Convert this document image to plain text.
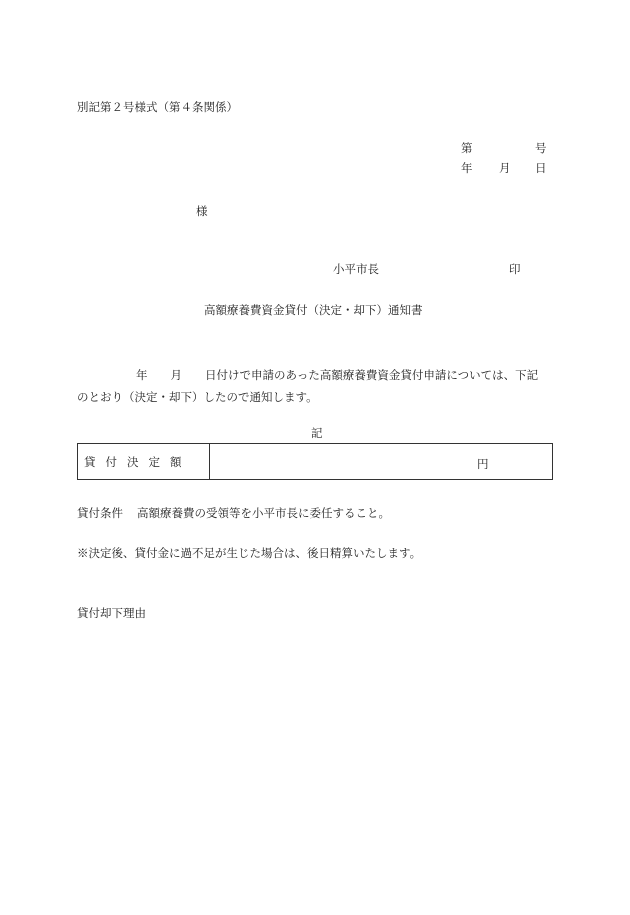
別記第２号様式（第４条関係）
第	号
年 月 日
様
小平市長	印
高額療養費資金貸付（決定・却下）通知書
年 月 日付けで申請のあった高額療養費資金貸付申請については、下記
のとおり（決定・却下）したので通知します。
記
貸付決定額	円
貸付条件 高額療養費の受領等を小平市長に委任すること。
※決定後、貸付金に過不足が生じた場合は、後日精算いたします。
貸付却下理由
